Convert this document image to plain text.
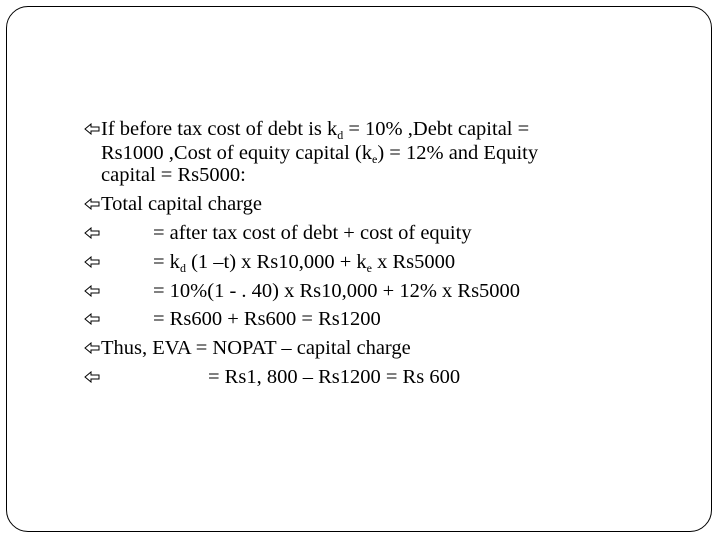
If before tax cost of debt is $k_d = 10\%$ ,Debt capital =
Rs1000 ,Cost of equity capital $(k_e) = 12\%$ and Equity
capital = Rs5000:
Total capital charge
= after tax cost of debt + cost of equity
= $k_d$ (1 –t) x $Rs10,000 + k_e$ x Rs5000
= 10%(1 - . 40) x Rs10,000 + 12% x Rs5000
= Rs600 + Rs600 = Rs1200
Thus, EVA = NOPAT – capital charge
= Rs1, 800 – Rs1200 = Rs 600
